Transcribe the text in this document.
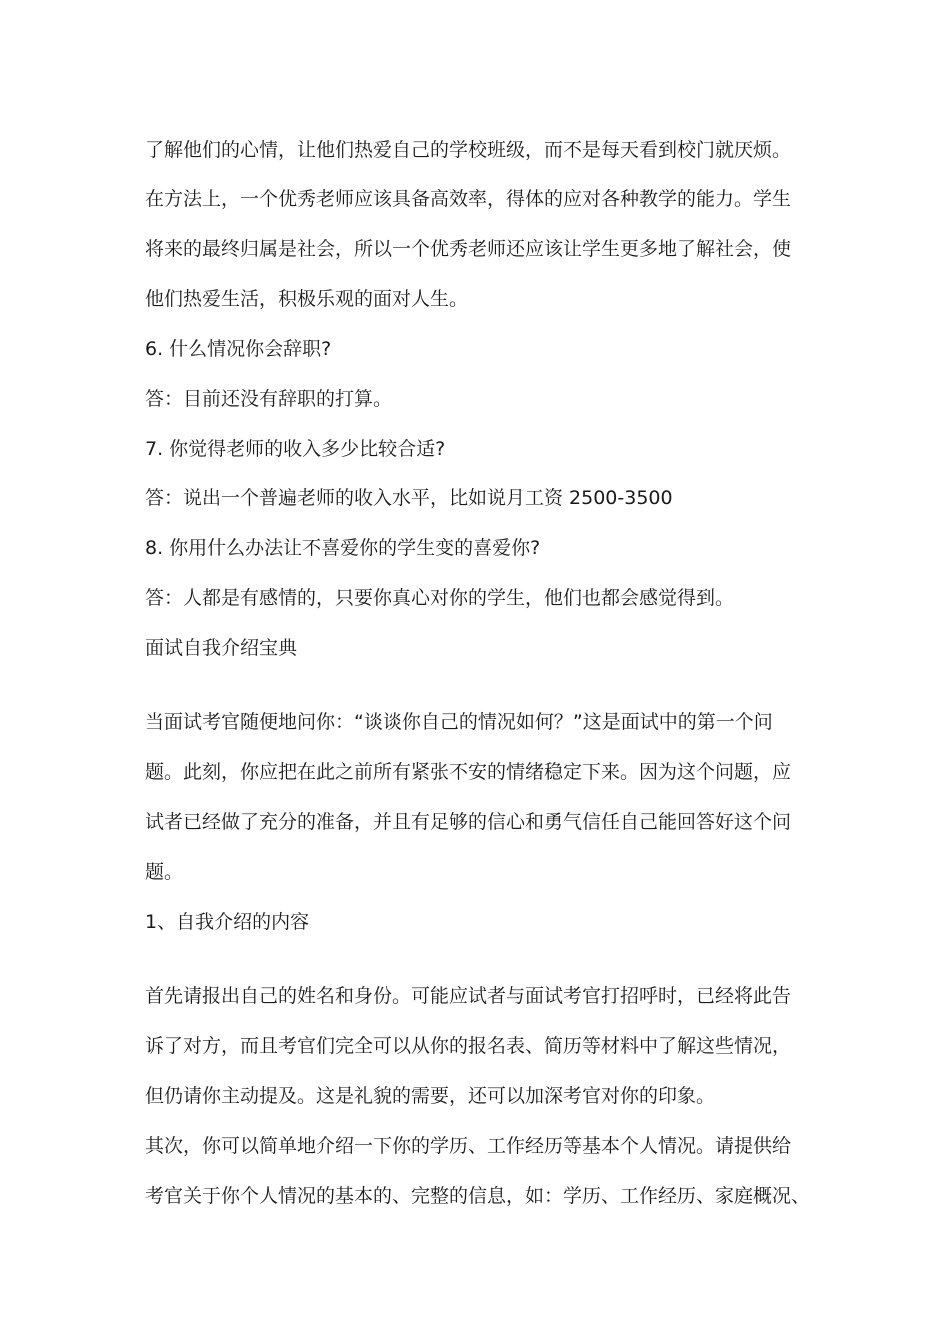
了解他们的心情，让他们热爱自己的学校班级，而不是每天看到校门就厌烦。
在方法上，一个优秀老师应该具备高效率，得体的应对各种教学的能力。学生
将来的最终归属是社会，所以一个优秀老师还应该让学生更多地了解社会，使
他们热爱生活，积极乐观的面对人生。
6. 什么情况你会辞职?
答：目前还没有辞职的打算。
7. 你觉得老师的收入多少比较合适?
答：说出一个普遍老师的收入水平，比如说月工资 2500-3500
8. 你用什么办法让不喜爱你的学生变的喜爱你?
答：人都是有感情的，只要你真心对你的学生，他们也都会感觉得到。
面试自我介绍宝典
当面试考官随便地问你：“谈谈你自己的情况如何？”这是面试中的第一个问
题。此刻，你应把在此之前所有紧张不安的情绪稳定下来。因为这个问题，应
试者已经做了充分的准备，并且有足够的信心和勇气信任自己能回答好这个问
题。
1、自我介绍的内容
首先请报出自己的姓名和身份。可能应试者与面试考官打招呼时，已经将此告
诉了对方，而且考官们完全可以从你的报名表、简历等材料中了解这些情况，
但仍请你主动提及。这是礼貌的需要，还可以加深考官对你的印象。
其次，你可以简单地介绍一下你的学历、工作经历等基本个人情况。请提供给
考官关于你个人情况的基本的、完整的信息，如：学历、工作经历、家庭概况、
